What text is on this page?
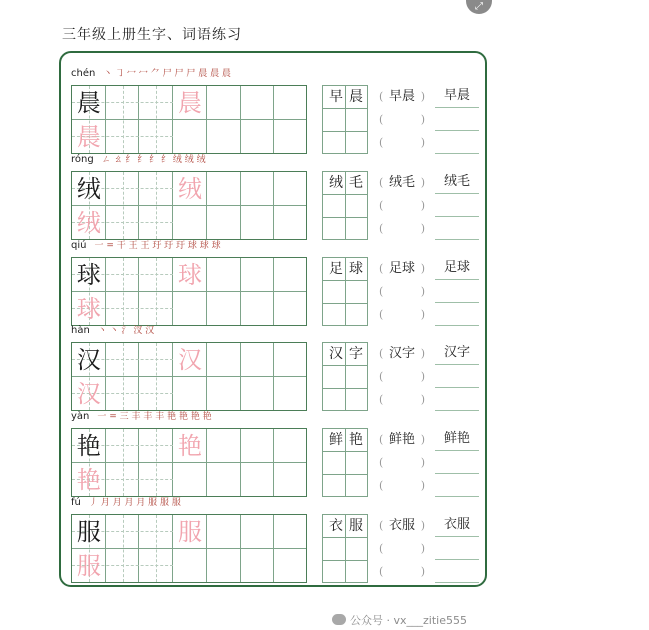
三年级上册生字、词语练习
⤢
chén 丶 ㇆ 冖 冖 ⺈ 尸 尸 尸 晨 晨 晨
晨	晨
晨
早晨 ( 早晨 )
(	)
(	)
早晨
róng ㄥ ㄠ 纟 纟 纟 纟 绒 绒 绒
绒	绒
绒
绒毛 ( 绒毛 )
(	)
(	)
绒毛
qiú 一 = 干 王 王 玗 玗 玗 球 球 球
球	球
球
足球 ( 足球 )
(	)
(	)
足球
hàn 丶 丶 氵 汊 汉
汉	汉
汉
汉字 ( 汉字 )
(	)
(	)
汉字
yàn 一 = 三 丰 丰 丰 艳 艳 艳 艳
艳	艳
艳
鲜艳 ( 鲜艳 )
(	)
(	)
鲜艳
fú 丿 月 月 月 月 服 服 服
服	服
服
衣服 ( 衣服 )
(	)
(	)
衣服
公众号 · vx___zitie555
